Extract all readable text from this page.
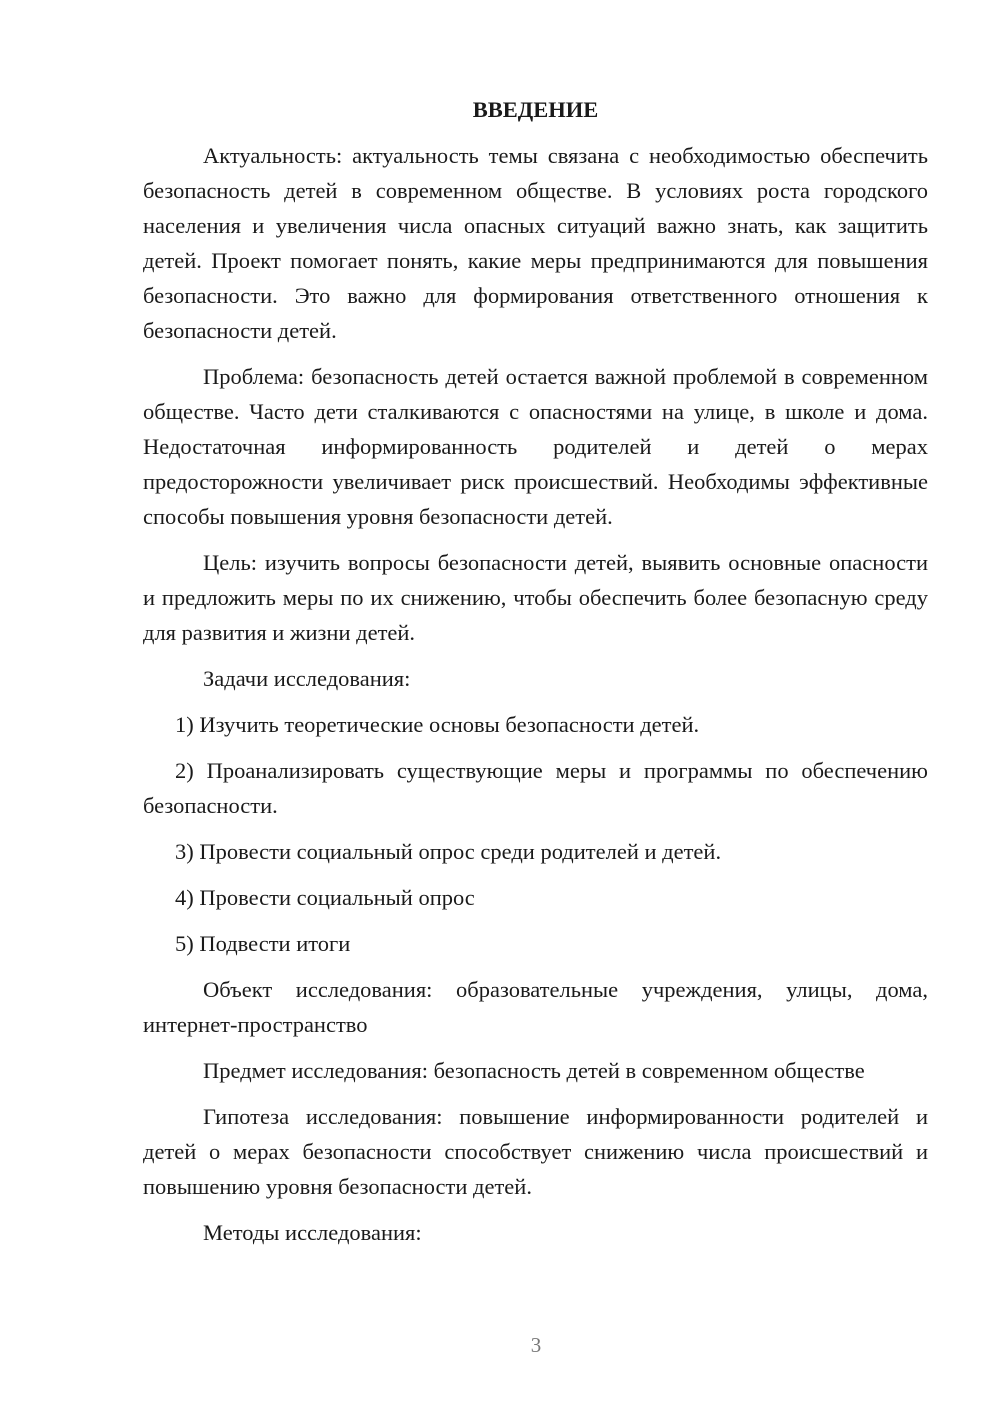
ВВЕДЕНИЕ

Актуальность: актуальность темы связана с необходимостью обеспечить безопасность детей в современном обществе. В условиях роста городского населения и увеличения числа опасных ситуаций важно знать, как защитить детей. Проект помогает понять, какие меры предпринимаются для повышения безопасности. Это важно для формирования ответственного отношения к безопасности детей.

Проблема: безопасность детей остается важной проблемой в современном обществе. Часто дети сталкиваются с опасностями на улице, в школе и дома. Недостаточная информированность родителей и детей о мерах предосторожности увеличивает риск происшествий. Необходимы эффективные способы повышения уровня безопасности детей.

Цель: изучить вопросы безопасности детей, выявить основные опасности и предложить меры по их снижению, чтобы обеспечить более безопасную среду для развития и жизни детей.

Задачи исследования:

1) Изучить теоретические основы безопасности детей.

2) Проанализировать существующие меры и программы по обеспечению безопасности.

3) Провести социальный опрос среди родителей и детей.

4) Провести социальный опрос

5) Подвести итоги

Объект исследования: образовательные учреждения, улицы, дома, интернет-пространство

Предмет исследования: безопасность детей в современном обществе

Гипотеза исследования: повышение информированности родителей и детей о мерах безопасности способствует снижению числа происшествий и повышению уровня безопасности детей.

Методы исследования:

3
